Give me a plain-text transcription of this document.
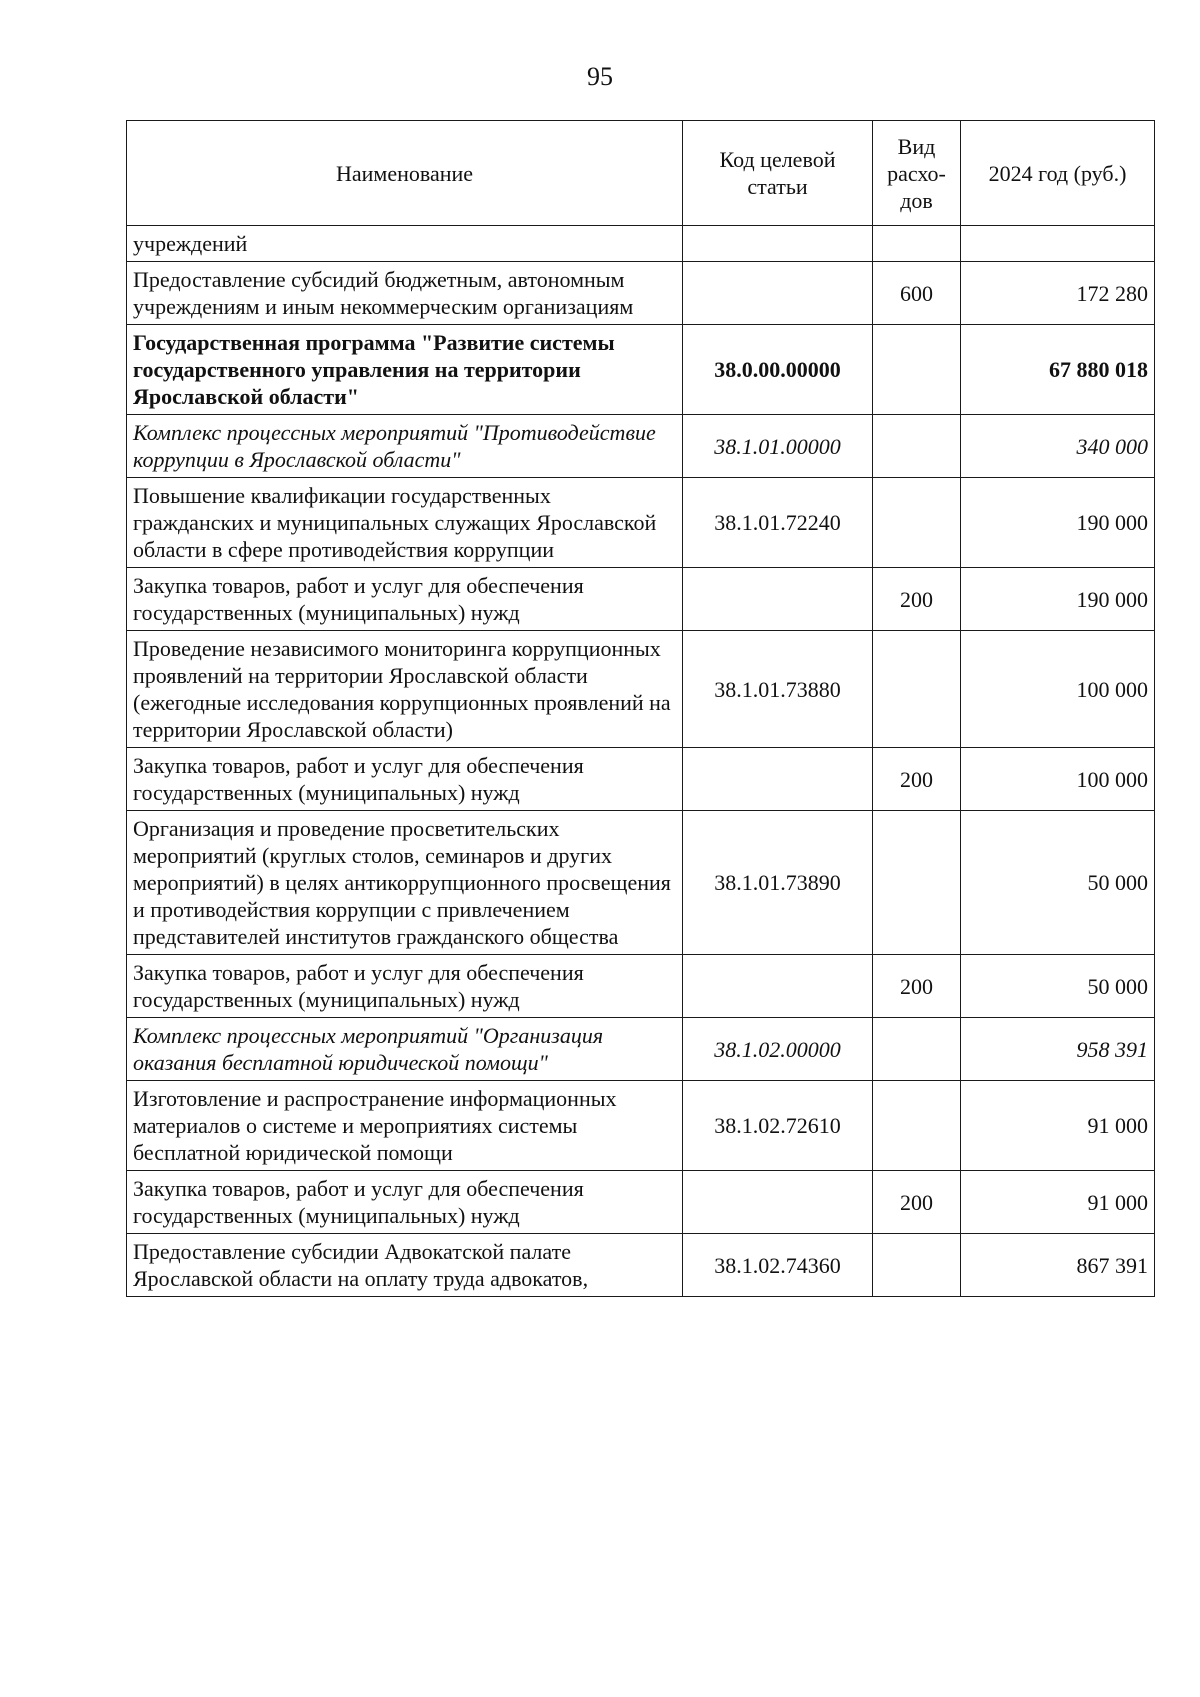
95
Наименование	Код целевой статьи	Вид расхо-дов	2024 год (руб.)
учреждений			
Предоставление субсидий бюджетным, автономным учреждениям и иным некоммерческим организациям		600	172 280
Государственная программа "Развитие системы государственного управления на территории Ярославской области"	38.0.00.00000		67 880 018
Комплекс процессных мероприятий "Противодействие коррупции в Ярославской области"	38.1.01.00000		340 000
Повышение квалификации государственных гражданских и муниципальных служащих Ярославской области в сфере противодействия коррупции	38.1.01.72240		190 000
Закупка товаров, работ и услуг для обеспечения государственных (муниципальных) нужд		200	190 000
Проведение независимого мониторинга коррупционных проявлений на территории Ярославской области (ежегодные исследования коррупционных проявлений на территории Ярославской области)	38.1.01.73880		100 000
Закупка товаров, работ и услуг для обеспечения государственных (муниципальных) нужд		200	100 000
Организация и проведение просветительских мероприятий (круглых столов, семинаров и других мероприятий) в целях антикоррупционного просвещения и противодействия коррупции с привлечением представителей институтов гражданского общества	38.1.01.73890		50 000
Закупка товаров, работ и услуг для обеспечения государственных (муниципальных) нужд		200	50 000
Комплекс процессных мероприятий "Организация оказания бесплатной юридической помощи"	38.1.02.00000		958 391
Изготовление и распространение информационных материалов о системе и мероприятиях системы бесплатной юридической помощи	38.1.02.72610		91 000
Закупка товаров, работ и услуг для обеспечения государственных (муниципальных) нужд		200	91 000
Предоставление субсидии Адвокатской палате Ярославской области на оплату труда адвокатов,	38.1.02.74360		867 391
